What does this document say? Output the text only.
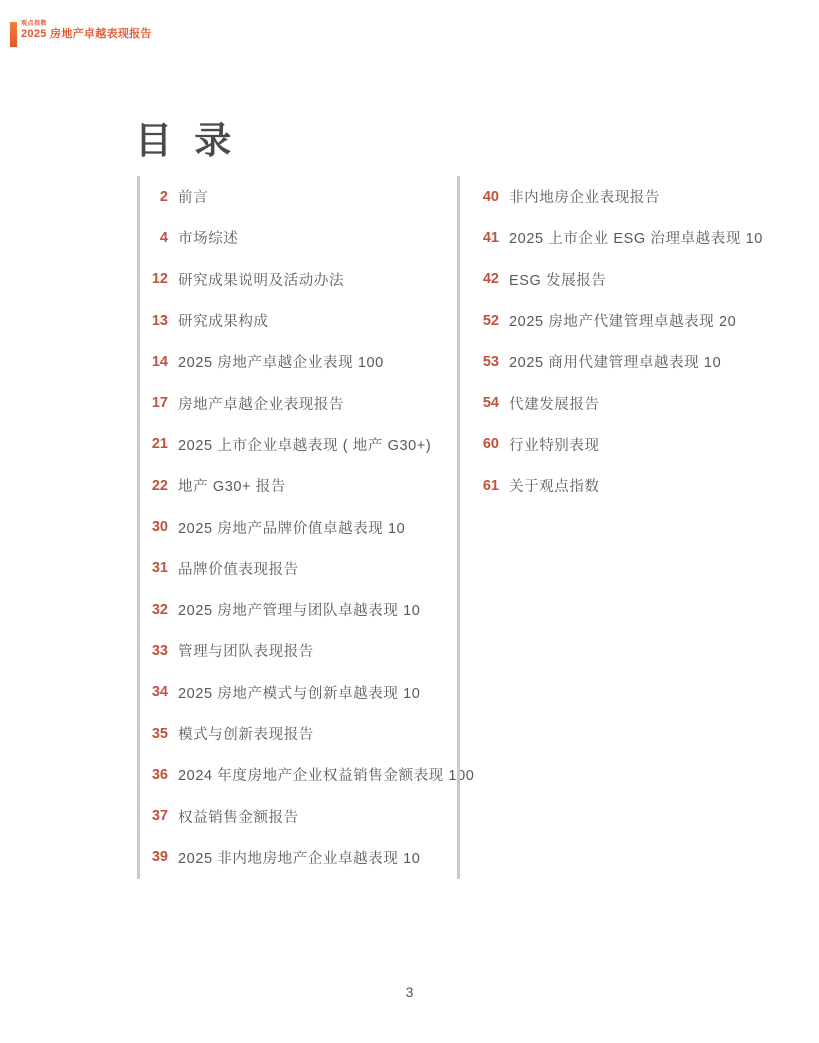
观点指数
2025 房地产卓越表现报告
目 录
2 前言
4 市场综述
12 研究成果说明及活动办法
13 研究成果构成
14 2025 房地产卓越企业表现 100
17 房地产卓越企业表现报告
21 2025 上市企业卓越表现 ( 地产 G30+)
22 地产 G30+ 报告
30 2025 房地产品牌价值卓越表现 10
31 品牌价值表现报告
32 2025 房地产管理与团队卓越表现 10
33 管理与团队表现报告
34 2025 房地产模式与创新卓越表现 10
35 模式与创新表现报告
36 2024 年度房地产企业权益销售金额表现 100
37 权益销售金额报告
39 2025 非内地房地产企业卓越表现 10
40 非内地房企业表现报告
41 2025 上市企业 ESG 治理卓越表现 10
42 ESG 发展报告
52 2025 房地产代建管理卓越表现 20
53 2025 商用代建管理卓越表现 10
54 代建发展报告
60 行业特别表现
61 关于观点指数
3
